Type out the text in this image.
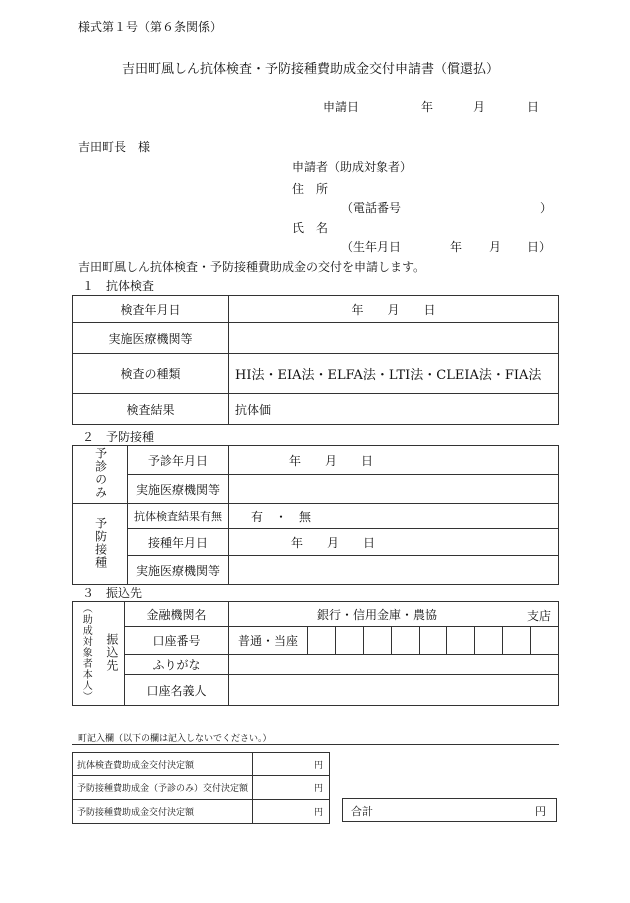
様式第１号（第６条関係）
吉田町風しん抗体検査・予防接種費助成金交付申請書（償還払）
申請日	年	月	日
吉田町長　様
申請者（助成対象者）
住　所
（電話番号	）
氏　名
（生年月日	年 月 日）
吉田町風しん抗体検査・予防接種費助成金の交付を申請します。
１　抗体検査
検査年月日	年　　月　　日
実施医療機関等	
検査の種類	HI法・EIA法・ELFA法・LTI法・CLEIA法・FIA法
検査結果	抗体価
２　予防接種
予診のみ	予診年月日	年　　月　　日
	実施医療機関等	
予防接種	抗体検査結果有無	有　・　無
	接種年月日	年　　月　　日
	実施医療機関等	
３　振込先
（助成対象者本人）	振込先	金融機関名	銀行・信用金庫・農協 支店									

		口座番号	普通・当座									
		ふりがな										
		口座名義人										
町記入欄（以下の欄は記入しないでください。）
抗体検査費助成金交付決定額	円
予防接種費助成金（予診のみ）交付決定額	円
予防接種費助成金交付決定額	円	合計	円
